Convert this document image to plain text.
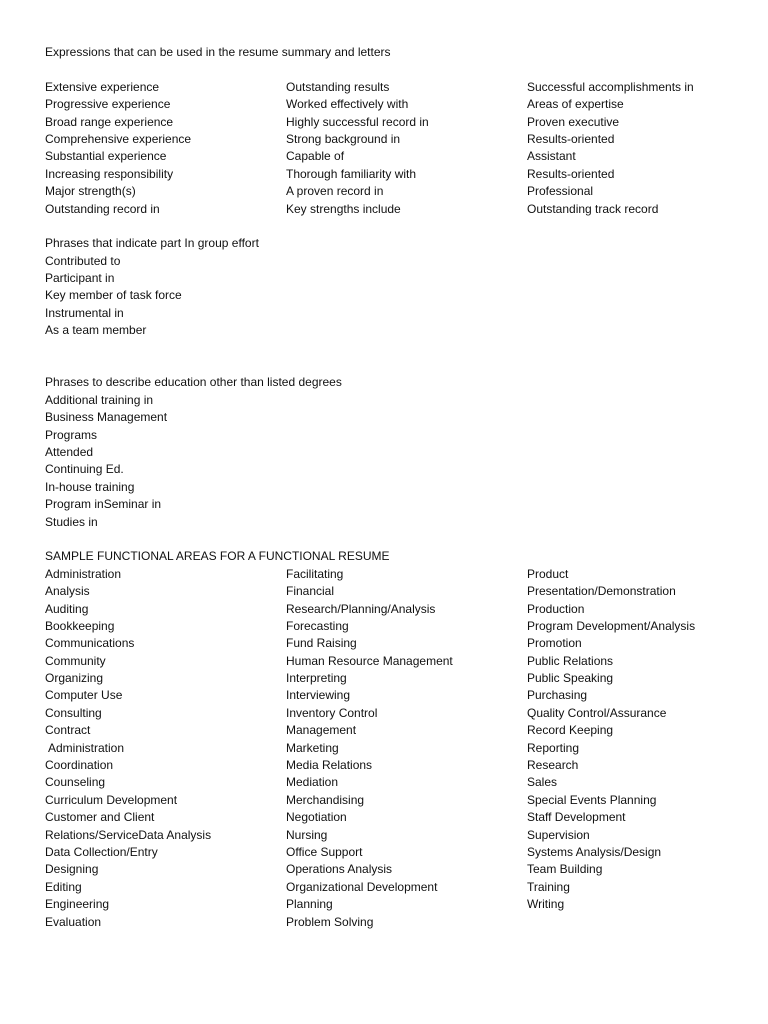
Expressions that can be used in the resume summary and letters
Extensive experience
Progressive experience
Broad range experience
Comprehensive experience
Substantial experience
Increasing responsibility
Major strength(s)
Outstanding record in
Outstanding results
Worked effectively with
Highly successful record in
Strong background in
Capable of
Thorough familiarity with
A proven record in
Key strengths include
Successful accomplishments in
Areas of expertise
Proven executive
Results-oriented
Assistant
Results-oriented
Professional
Outstanding track record
Phrases that indicate part In group effort
Contributed to
Participant in
Key member of task force
Instrumental in
As a team member
Phrases to describe education other than listed degrees
Additional training in
Business Management
Programs
Attended
Continuing Ed.
In-house training
Program inSeminar in
Studies in
SAMPLE FUNCTIONAL AREAS FOR A FUNCTIONAL RESUME
Administration
Analysis
Auditing
Bookkeeping
Communications
Community
Organizing
Computer Use
Consulting
Contract
Administration
Coordination
Counseling
Curriculum Development
Customer and Client
Relations/ServiceData Analysis
Data Collection/Entry
Designing
Editing
Engineering
Evaluation
Facilitating
Financial
Research/Planning/Analysis
Forecasting
Fund Raising
Human Resource Management
Interpreting
Interviewing
Inventory Control
Management
Marketing
Media Relations
Mediation
Merchandising
Negotiation
Nursing
Office Support
Operations Analysis
Organizational Development
Planning
Problem Solving
Product
Presentation/Demonstration
Production
Program Development/Analysis
Promotion
Public Relations
Public Speaking
Purchasing
Quality Control/Assurance
Record Keeping
Reporting
Research
Sales
Special Events Planning
Staff Development
Supervision
Systems Analysis/Design
Team Building
Training
Writing
